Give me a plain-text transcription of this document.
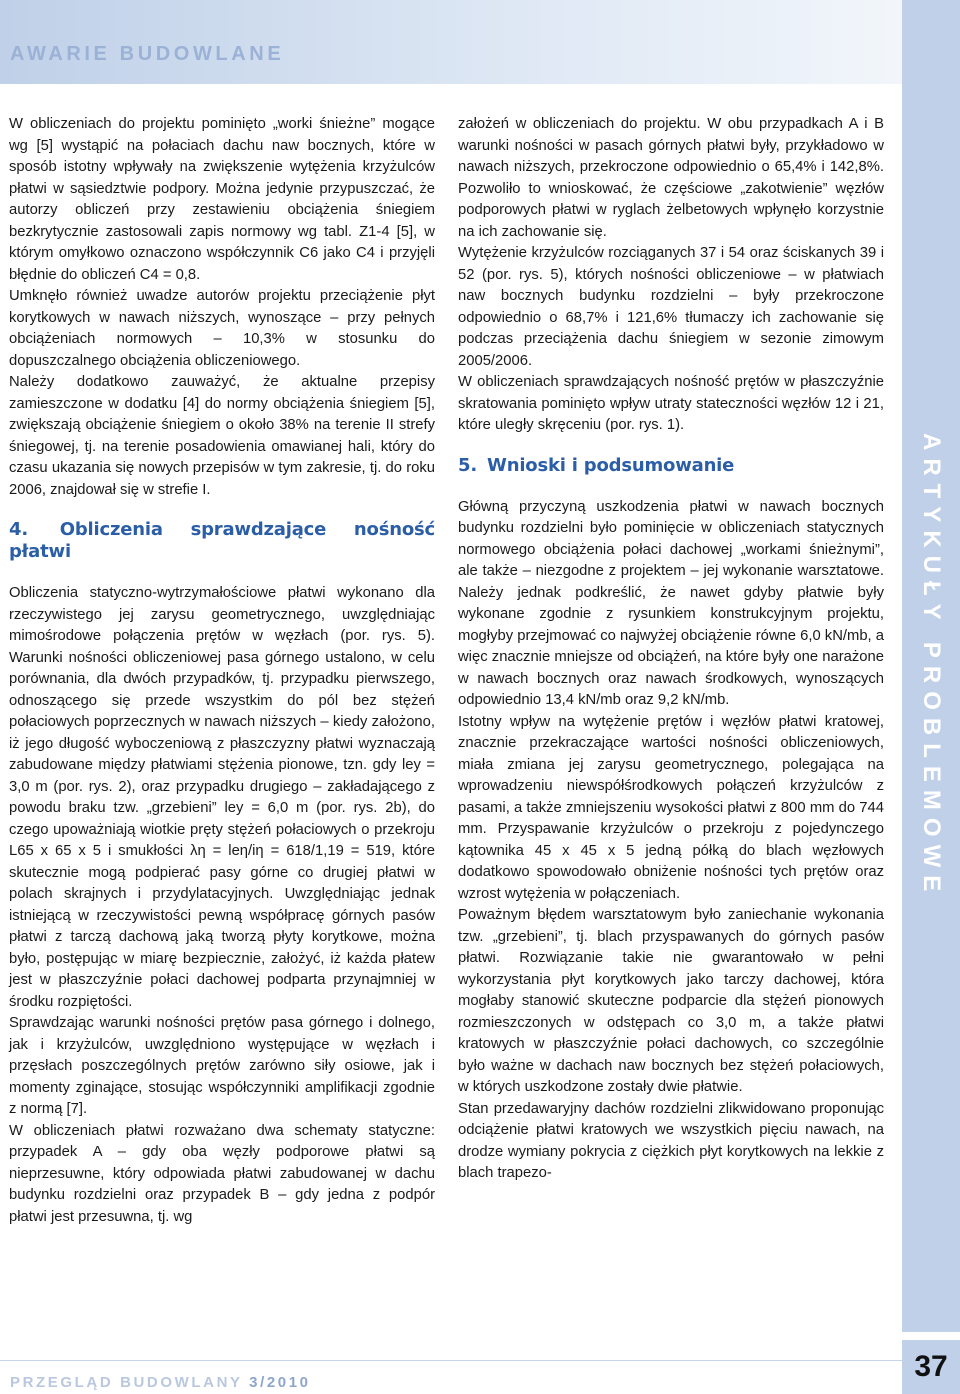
AWARIE BUDOWLANE
ARTYKUŁY PROBLEMOWE

W obliczeniach do projektu pominięto „worki śnieżne” mogące wg [5] wystąpić na połaciach dachu naw bocznych, które w sposób istotny wpływały na zwiększenie wytężenia krzyżulców płatwi w sąsiedztwie podpory. Można jedynie przypuszczać, że autorzy obliczeń przy zestawieniu obciążenia śniegiem bezkrytycznie zastosowali zapis normowy wg tabl. Z1-4 [5], w którym omyłkowo oznaczono współczynnik C6 jako C4 i przyjęli błędnie do obliczeń C4 = 0,8.

Umknęło również uwadze autorów projektu przeciążenie płyt korytkowych w nawach niższych, wynoszące – przy pełnych obciążeniach normowych – 10,3% w stosunku do dopuszczalnego obciążenia obliczeniowego.

Należy dodatkowo zauważyć, że aktualne przepisy zamieszczone w dodatku [4] do normy obciążenia śniegiem [5], zwiększają obciążenie śniegiem o około 38% na terenie II strefy śniegowej, tj. na terenie posadowienia omawianej hali, który do czasu ukazania się nowych przepisów w tym zakresie, tj. do roku 2006, znajdował się w strefie I.

4. Obliczenia sprawdzające nośność płatwi

Obliczenia statyczno-wytrzymałościowe płatwi wykonano dla rzeczywistego jej zarysu geometrycznego, uwzględniając mimośrodowe połączenia prętów w węzłach (por. rys. 5). Warunki nośności obliczeniowej pasa górnego ustalono, w celu porównania, dla dwóch przypadków, tj. przypadku pierwszego, odnoszącego się przede wszystkim do pól bez stężeń połaciowych poprzecznych w nawach niższych – kiedy założono, iż jego długość wyboczeniową z płaszczyzny płatwi wyznaczają zabudowane między płatwiami stężenia pionowe, tzn. gdy ley = 3,0 m (por. rys. 2), oraz przypadku drugiego – zakładającego z powodu braku tzw. „grzebieni” ley = 6,0 m (por. rys. 2b), do czego upoważniają wiotkie pręty stężeń połaciowych o przekroju L65 x 65 x 5 i smukłości λη = leη/iη = 618/1,19 = 519, które skutecznie mogą podpierać pasy górne co drugiej płatwi w polach skrajnych i przydylatacyjnych. Uwzględniając jednak istniejącą w rzeczywistości pewną współpracę górnych pasów płatwi z tarczą dachową jaką tworzą płyty korytkowe, można było, postępując w miarę bezpiecznie, założyć, iż każda płatew jest w płaszczyźnie połaci dachowej podparta przynajmniej w środku rozpiętości.

Sprawdzając warunki nośności prętów pasa górnego i dolnego, jak i krzyżulców, uwzględniono występujące w węzłach i przęsłach poszczególnych prętów zarówno siły osiowe, jak i momenty zginające, stosując współczynniki amplifikacji zgodnie z normą [7].

W obliczeniach płatwi rozważano dwa schematy statyczne: przypadek A – gdy oba węzły podporowe płatwi są nieprzesuwne, który odpowiada płatwi zabudowanej w dachu budynku rozdzielni oraz przypadek B – gdy jedna z podpór płatwi jest przesuwna, tj. wg

założeń w obliczeniach do projektu. W obu przypadkach A i B warunki nośności w pasach górnych płatwi były, przykładowo w nawach niższych, przekroczone odpowiednio o 65,4% i 142,8%. Pozwoliło to wnioskować, że częściowe „zakotwienie” węzłów podporowych płatwi w ryglach żelbetowych wpłynęło korzystnie na ich zachowanie się.

Wytężenie krzyżulców rozciąganych 37 i 54 oraz ściskanych 39 i 52 (por. rys. 5), których nośności obliczeniowe – w płatwiach naw bocznych budynku rozdzielni – były przekroczone odpowiednio o 68,7% i 121,6% tłumaczy ich zachowanie się podczas przeciążenia dachu śniegiem w sezonie zimowym 2005/2006.

W obliczeniach sprawdzających nośność prętów w płaszczyźnie skratowania pominięto wpływ utraty stateczności węzłów 12 i 21, które uległy skręceniu (por. rys. 1).

5. Wnioski i podsumowanie

Główną przyczyną uszkodzenia płatwi w nawach bocznych budynku rozdzielni było pominięcie w obliczeniach statycznych normowego obciążenia połaci dachowej „workami śnieżnymi”, ale także – niezgodne z projektem – jej wykonanie warsztatowe. Należy jednak podkreślić, że nawet gdyby płatwie były wykonane zgodnie z rysunkiem konstrukcyjnym projektu, mogłyby przejmować co najwyżej obciążenie równe 6,0 kN/mb, a więc znacznie mniejsze od obciążeń, na które były one narażone w nawach bocznych oraz nawach środkowych, wynoszących odpowiednio 13,4 kN/mb oraz 9,2 kN/mb.

Istotny wpływ na wytężenie prętów i węzłów płatwi kratowej, znacznie przekraczające wartości nośności obliczeniowych, miała zmiana jej zarysu geometrycznego, polegająca na wprowadzeniu niewspółśrodkowych połączeń krzyżulców z pasami, a także zmniejszeniu wysokości płatwi z 800 mm do 744 mm. Przyspawanie krzyżulców o przekroju z pojedynczego kątownika 45 x 45 x 5 jedną półką do blach węzłowych dodatkowo spowodowało obniżenie nośności tych prętów oraz wzrost wytężenia w połączeniach.

Poważnym błędem warsztatowym było zaniechanie wykonania tzw. „grzebieni”, tj. blach przyspawanych do górnych pasów płatwi. Rozwiązanie takie nie gwarantowało w pełni wykorzystania płyt korytkowych jako tarczy dachowej, która mogłaby stanowić skuteczne podparcie dla stężeń pionowych rozmieszczonych w odstępach co 3,0 m, a także płatwi kratowych w płaszczyźnie połaci dachowych, co szczególnie było ważne w dachach naw bocznych bez stężeń połaciowych, w których uszkodzone zostały dwie płatwie.

Stan przedawaryjny dachów rozdzielni zlikwidowano proponując odciążenie płatwi kratowych we wszystkich pięciu nawach, na drodze wymiany pokrycia z ciężkich płyt korytkowych na lekkie z blach trapezo-

PRZEGLĄD BUDOWLANY 3/2010	37
